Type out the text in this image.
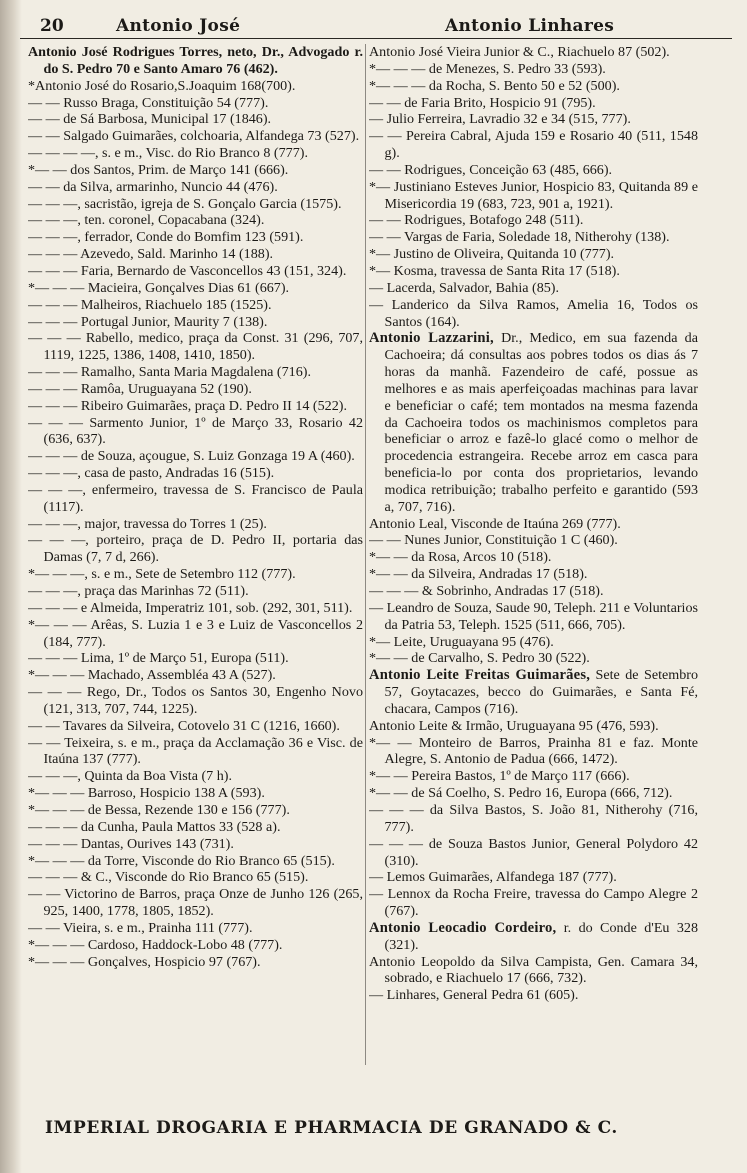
20	Antonio José	Antonio Linhares

Antonio José Rodrigues Torres, neto, Dr., Advogado r. do S. Pedro 70 e Santo Amaro 76 (462).

*Antonio José do Rosario,S.Joaquim 168(700).

— — Russo Braga, Constituição 54 (777).

— — de Sá Barbosa, Municipal 17 (1846).

— — Salgado Guimarães, colchoaria, Alfandega 73 (527).

— — — —, s. e m., Visc. do Rio Branco 8 (777).

*— — dos Santos, Prim. de Março 141 (666).

— — da Silva, armarinho, Nuncio 44 (476).

— — —, sacristão, igreja de S. Gonçalo Garcia (1575).

— — —, ten. coronel, Copacabana (324).

— — —, ferrador, Conde do Bomfim 123 (591).

— — — Azevedo, Sald. Marinho 14 (188).

— — — Faria, Bernardo de Vasconcellos 43 (151, 324).

*— — — Macieira, Gonçalves Dias 61 (667).

— — — Malheiros, Riachuelo 185 (1525).

— — — Portugal Junior, Maurity 7 (138).

— — — Rabello, medico, praça da Const. 31 (296, 707, 1119, 1225, 1386, 1408, 1410, 1850).

— — — Ramalho, Santa Maria Magdalena (716).

— — — Ramôa, Uruguayana 52 (190).

— — — Ribeiro Guimarães, praça D. Pedro II 14 (522).

— — — Sarmento Junior, 1º de Março 33, Rosario 42 (636, 637).

— — — de Souza, açougue, S. Luiz Gonzaga 19 A (460).

— — —, casa de pasto, Andradas 16 (515).

— — —, enfermeiro, travessa de S. Francisco de Paula (1117).

— — —, major, travessa do Torres 1 (25).

— — —, porteiro, praça de D. Pedro II, portaria das Damas (7, 7 d, 266).

*— — —, s. e m., Sete de Setembro 112 (777).

— — —, praça das Marinhas 72 (511).

— — — e Almeida, Imperatriz 101, sob. (292, 301, 511).

*— — — Arêas, S. Luzia 1 e 3 e Luiz de Vasconcellos 2 (184, 777).

— — — Lima, 1º de Março 51, Europa (511).

*— — — Machado, Assembléa 43 A (527).

— — — Rego, Dr., Todos os Santos 30, Engenho Novo (121, 313, 707, 744, 1225).

— — Tavares da Silveira, Cotovelo 31 C (1216, 1660).

— — Teixeira, s. e m., praça da Acclamação 36 e Visc. de Itaúna 137 (777).

— — —, Quinta da Boa Vista (7 h).

*— — — Barroso, Hospicio 138 A (593).

*— — — de Bessa, Rezende 130 e 156 (777).

— — — da Cunha, Paula Mattos 33 (528 a).

— — — Dantas, Ourives 143 (731).

*— — — da Torre, Visconde do Rio Branco 65 (515).

— — — & C., Visconde do Rio Branco 65 (515).

— — Victorino de Barros, praça Onze de Junho 126 (265, 925, 1400, 1778, 1805, 1852).

— — Vieira, s. e m., Prainha 111 (777).

*— — — Cardoso, Haddock-Lobo 48 (777).

*— — — Gonçalves, Hospicio 97 (767).

Antonio José Vieira Junior & C., Riachuelo 87 (502).

*— — — de Menezes, S. Pedro 33 (593).

*— — — da Rocha, S. Bento 50 e 52 (500).

— — de Faria Brito, Hospicio 91 (795).

— Julio Ferreira, Lavradio 32 e 34 (515, 777).

— — Pereira Cabral, Ajuda 159 e Rosario 40 (511, 1548 g).

— — Rodrigues, Conceição 63 (485, 666).

*— Justiniano Esteves Junior, Hospicio 83, Quitanda 89 e Misericordia 19 (683, 723, 901 a, 1921).

— — Rodrigues, Botafogo 248 (511).

— — Vargas de Faria, Soledade 18, Nitherohy (138).

*— Justino de Oliveira, Quitanda 10 (777).

*— Kosma, travessa de Santa Rita 17 (518).

— Lacerda, Salvador, Bahia (85).

— Landerico da Silva Ramos, Amelia 16, Todos os Santos (164).

Antonio Lazzarini, Dr., Medico, em sua fazenda da Cachoeira; dá consultas aos pobres todos os dias ás 7 horas da manhã. Fazendeiro de café, possue as melhores e as mais aperfeiçoadas machinas para lavar e beneficiar o café; tem montados na mesma fazenda da Cachoeira todos os machinismos completos para beneficiar o arroz e fazê-lo glacé como o melhor de procedencia estrangeira. Recebe arroz em casca para beneficia-lo por conta dos proprietarios, levando modica retribuição; trabalho perfeito e garantido (593 a, 707, 716).

Antonio Leal, Visconde de Itaúna 269 (777).

— — Nunes Junior, Constituição 1 C (460).

*— — da Rosa, Arcos 10 (518).

*— — da Silveira, Andradas 17 (518).

— — — & Sobrinho, Andradas 17 (518).

— Leandro de Souza, Saude 90, Teleph. 211 e Voluntarios da Patria 53, Teleph. 1525 (511, 666, 705).

*— Leite, Uruguayana 95 (476).

*— — de Carvalho, S. Pedro 30 (522).

Antonio Leite Freitas Guimarães, Sete de Setembro 57, Goytacazes, becco do Guimarães, e Santa Fé, chacara, Campos (716).

Antonio Leite & Irmão, Uruguayana 95 (476, 593).

*— — Monteiro de Barros, Prainha 81 e faz. Monte Alegre, S. Antonio de Padua (666, 1472).

*— — Pereira Bastos, 1º de Março 117 (666).

*— — de Sá Coelho, S. Pedro 16, Europa (666, 712).

— — — da Silva Bastos, S. João 81, Nitherohy (716, 777).

— — — de Souza Bastos Junior, General Polydoro 42 (310).

— Lemos Guimarães, Alfandega 187 (777).

— Lennox da Rocha Freire, travessa do Campo Alegre 2 (767).

Antonio Leocadio Cordeiro, r. do Conde d'Eu 328 (321).

Antonio Leopoldo da Silva Campista, Gen. Camara 34, sobrado, e Riachuelo 17 (666, 732).

— Linhares, General Pedra 61 (605).

IMPERIAL DROGARIA E PHARMACIA DE GRANADO & C.
